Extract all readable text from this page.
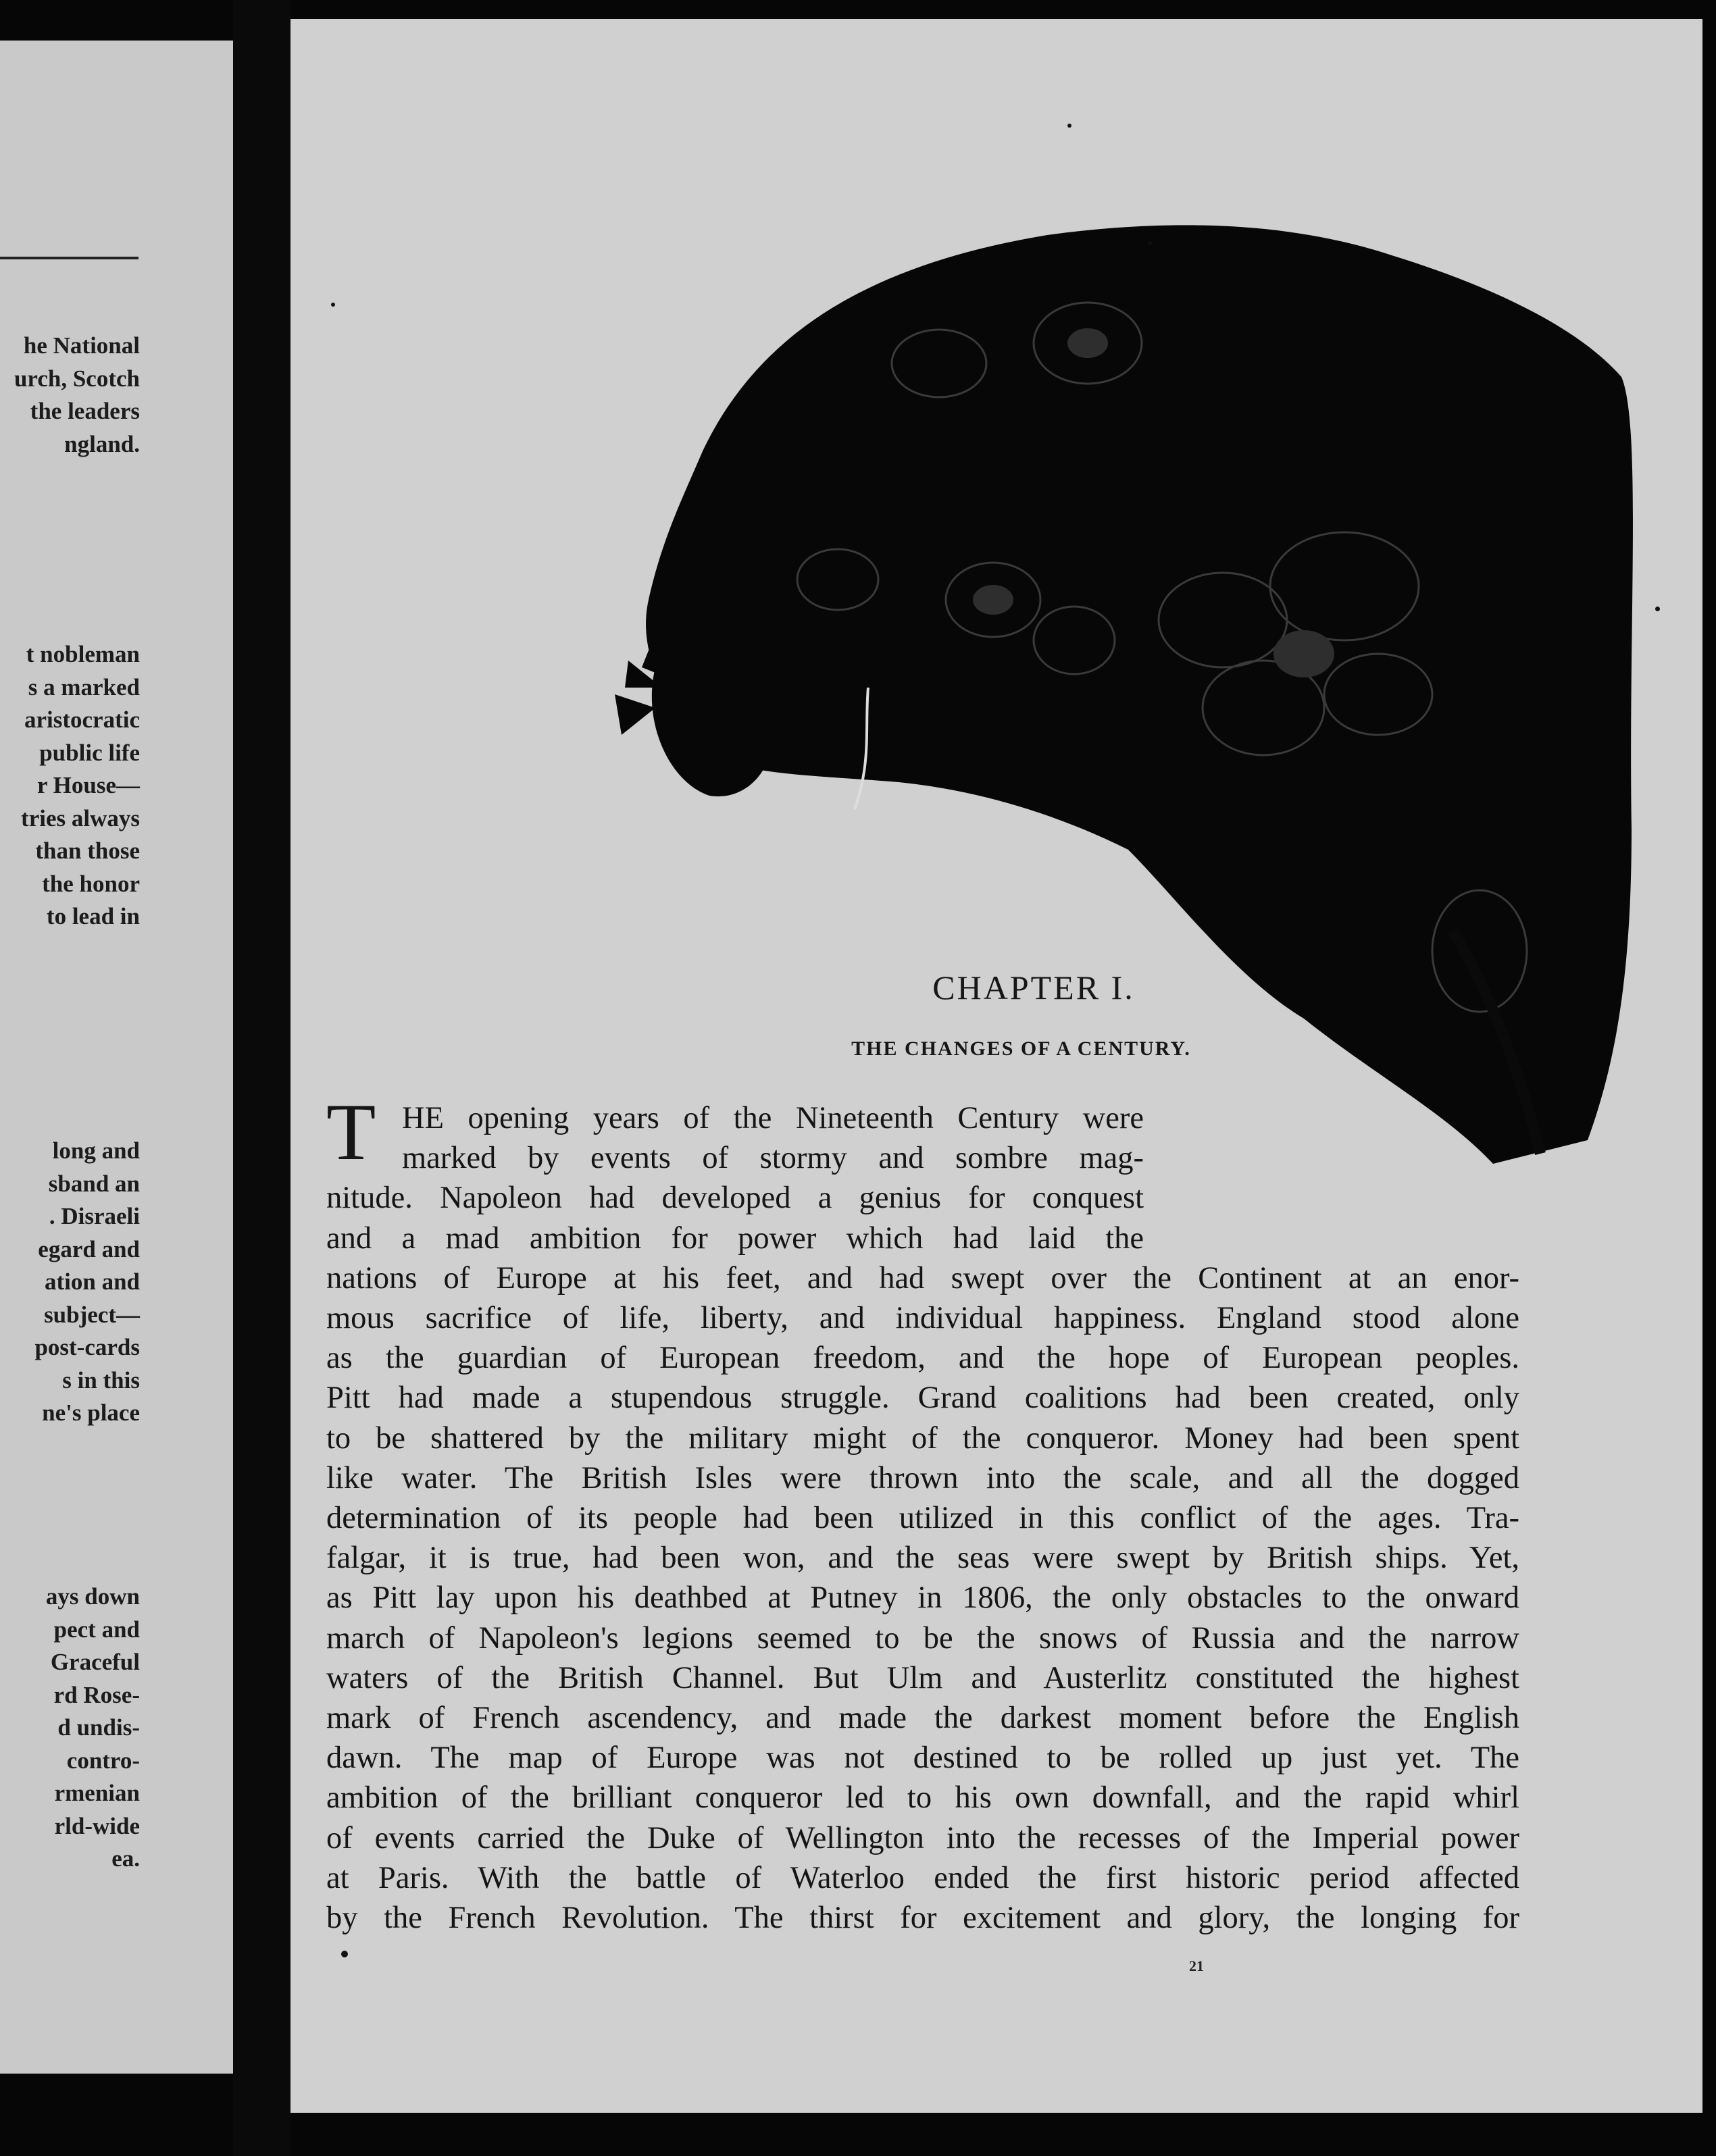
he National
urch, Scotch
the leaders
ngland.
t nobleman
s a marked
aristocratic
public life
r House—
tries always
than those
the honor
to lead in
long and
sband an
. Disraeli
egard and
ation and
subject—
post-cards
s in this
ne's place
ays down
pect and
Graceful
rd Rose-
d undis-
contro-
rmenian
rld-wide
ea.
CHAPTER I.
THE CHANGES OF A CENTURY.
T HE opening years of the Nineteenth Century were
marked by events of stormy and sombre mag-
nitude. Napoleon had developed a genius for conquest
and a mad ambition for power which had laid the
nations of Europe at his feet, and had swept over the Continent at an enor-
mous sacrifice of life, liberty, and individual happiness. England stood alone
as the guardian of European freedom, and the hope of European peoples.
Pitt had made a stupendous struggle. Grand coalitions had been created, only
to be shattered by the military might of the conqueror. Money had been spent
like water. The British Isles were thrown into the scale, and all the dogged
determination of its people had been utilized in this conflict of the ages. Tra-
falgar, it is true, had been won, and the seas were swept by British ships. Yet,
as Pitt lay upon his deathbed at Putney in 1806, the only obstacles to the onward
march of Napoleon's legions seemed to be the snows of Russia and the narrow
waters of the British Channel. But Ulm and Austerlitz constituted the highest
mark of French ascendency, and made the darkest moment before the English
dawn. The map of Europe was not destined to be rolled up just yet. The
ambition of the brilliant conqueror led to his own downfall, and the rapid whirl
of events carried the Duke of Wellington into the recesses of the Imperial power
at Paris. With the battle of Waterloo ended the first historic period affected
by the French Revolution. The thirst for excitement and glory, the longing for
21
